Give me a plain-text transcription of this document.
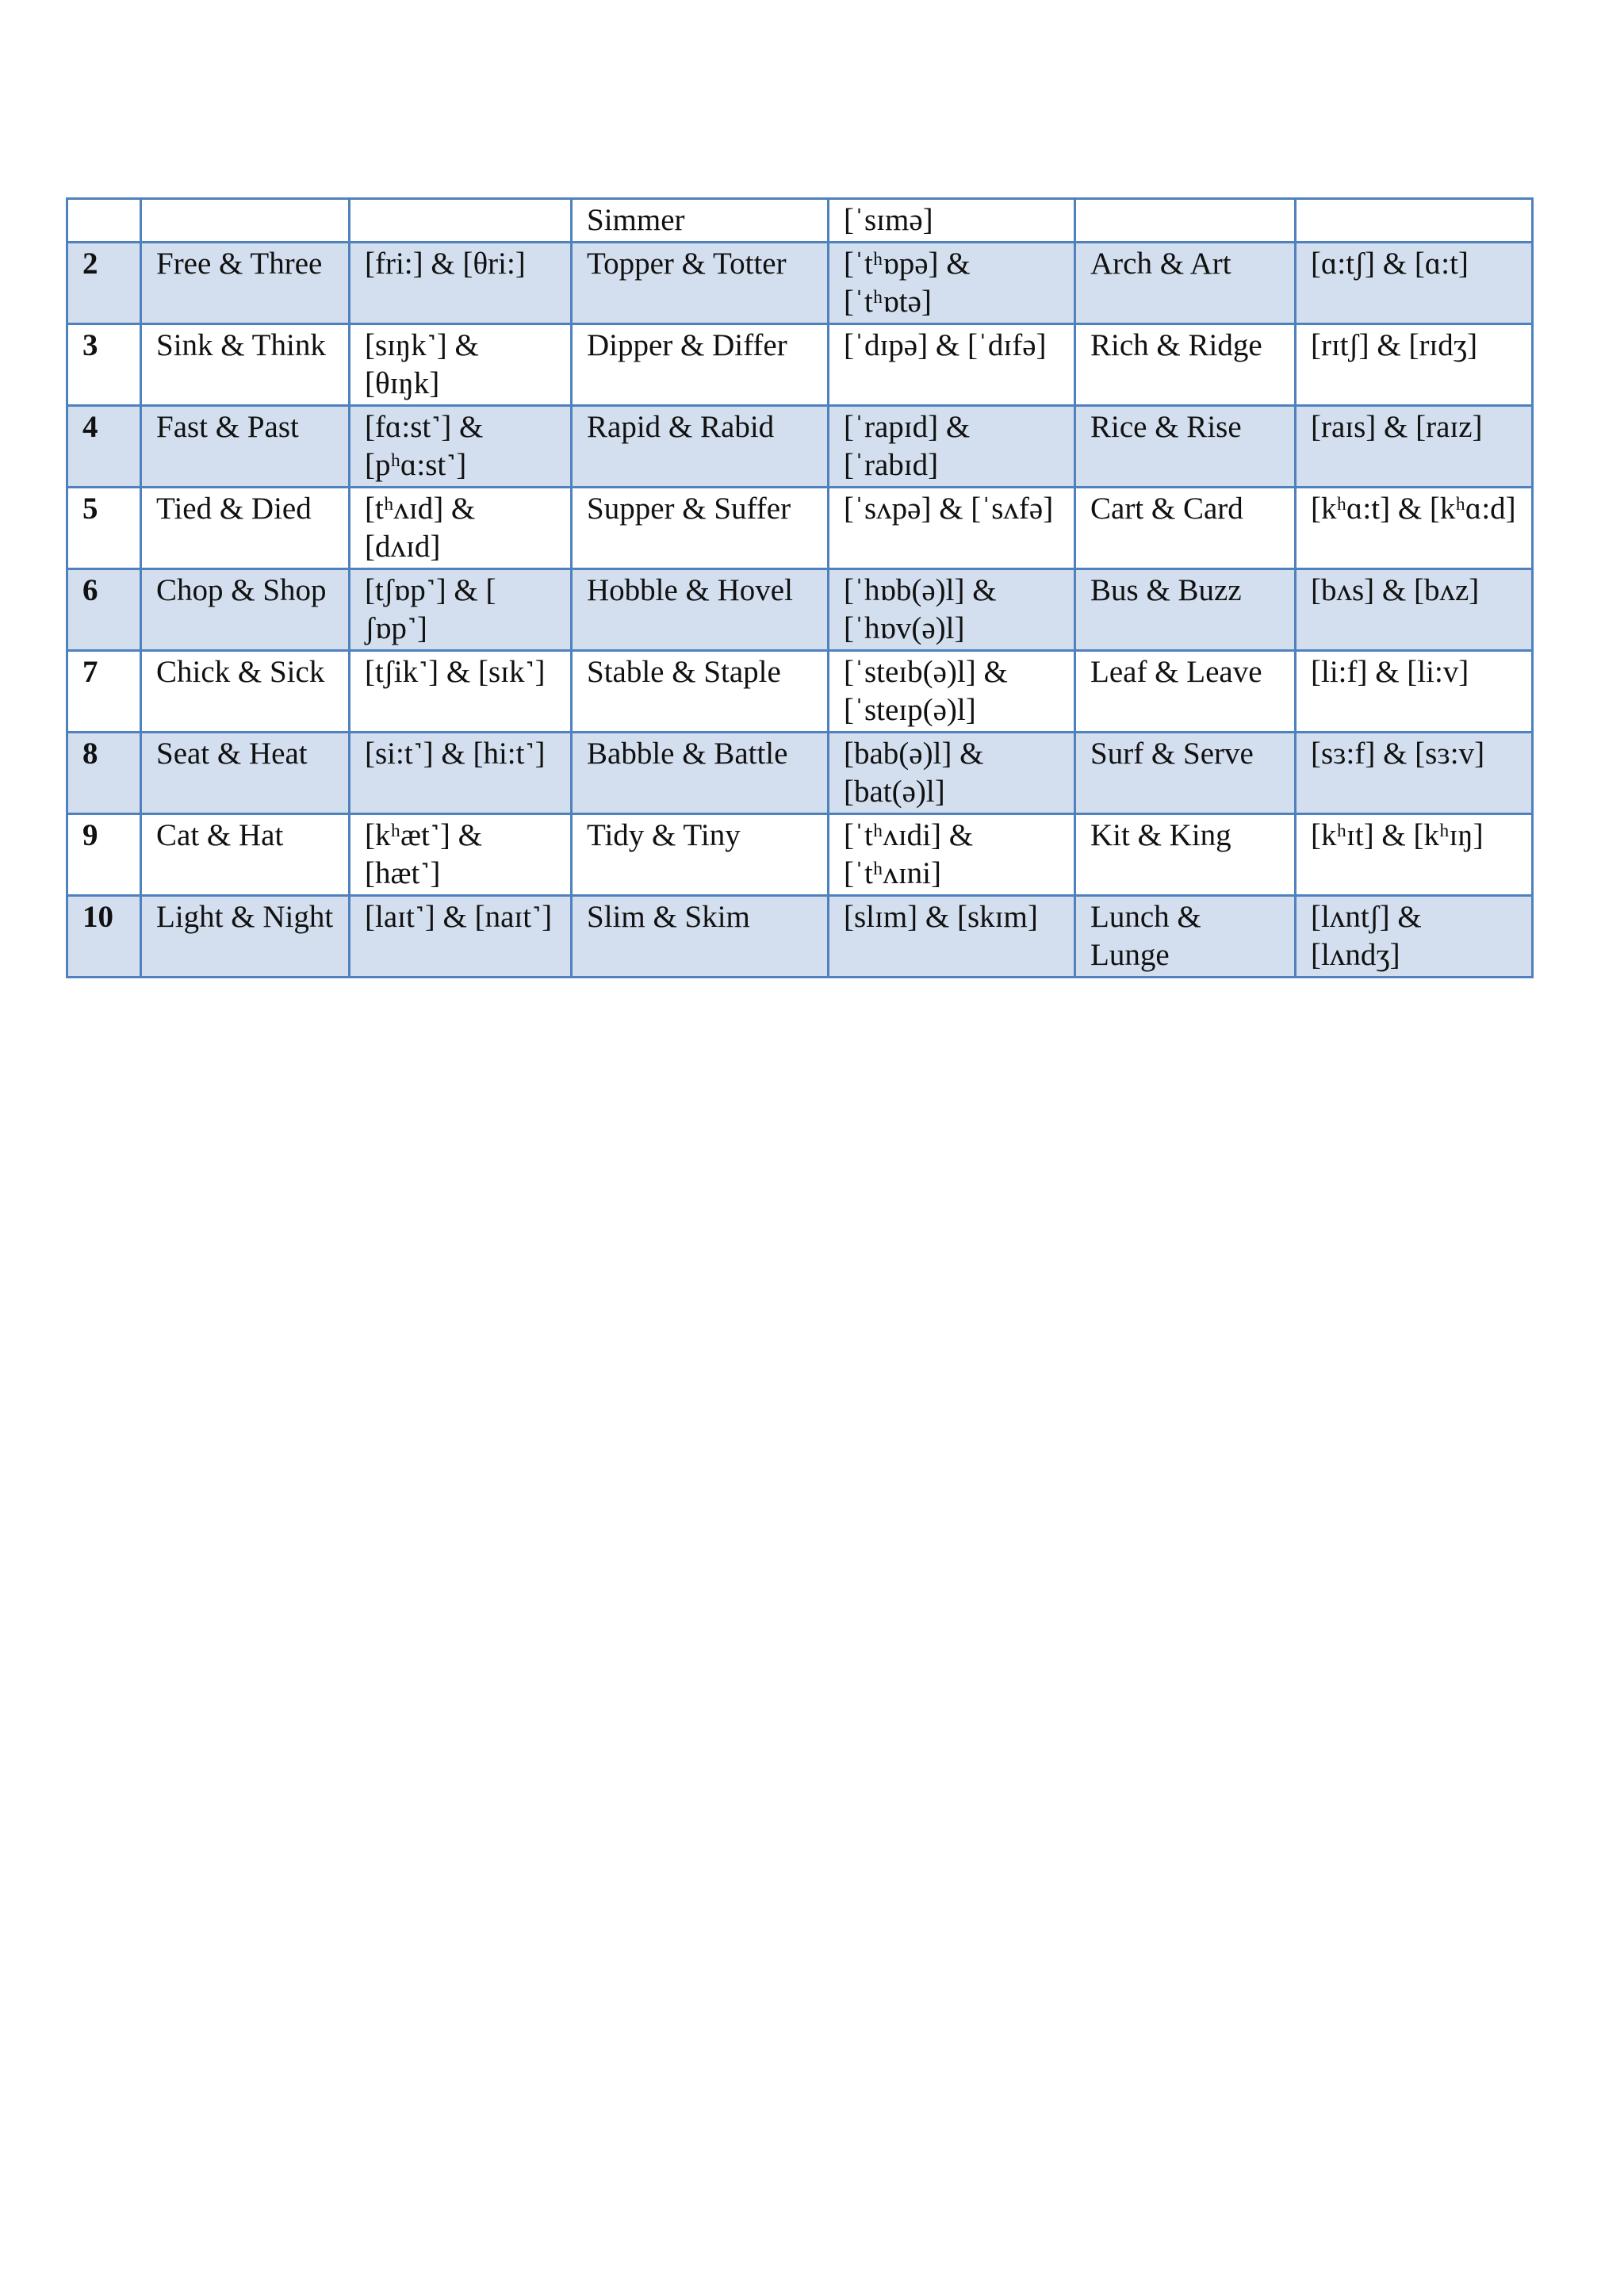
			Simmer	[ˈsɪmə]		
2	Free & Three	[fri:] & [θri:]	Topper & Totter	[ˈtʰɒpə] & [ˈtʰɒtə]	Arch & Art	[ɑ:tʃ] & [ɑ:t]
3	Sink & Think	[sɪŋk˺] & [θɪŋk]	Dipper & Differ	[ˈdɪpə] & [ˈdɪfə]	Rich & Ridge	[rɪtʃ] & [rɪdʒ]
4	Fast & Past	[fɑ:st˺] & [pʰɑ:st˺]	Rapid & Rabid	[ˈrapɪd] & [ˈrabɪd]	Rice & Rise	[raɪs] & [raɪz]
5	Tied & Died	[tʰʌɪd] & [dʌɪd]	Supper & Suffer	[ˈsʌpə] & [ˈsʌfə]	Cart & Card	[kʰɑ:t] & [kʰɑ:d]
6	Chop & Shop	[tʃɒp˺] & [ ʃɒp˺]	Hobble & Hovel	[ˈhɒb(ə)l] & [ˈhɒv(ə)l]	Bus & Buzz	[bʌs] & [bʌz]
7	Chick & Sick	[tʃik˺] & [sɪk˺]	Stable & Staple	[ˈsteɪb(ə)l] & [ˈsteɪp(ə)l]	Leaf & Leave	[li:f] & [li:v]
8	Seat & Heat	[si:t˺] & [hi:t˺]	Babble & Battle	[bab(ə)l] & [bat(ə)l]	Surf & Serve	[sɜ:f] & [sɜ:v]
9	Cat & Hat	[kʰæt˺] & [hæt˺]	Tidy & Tiny	[ˈtʰʌɪdi] &[ˈtʰʌɪni]	Kit & King	[kʰɪt] & [kʰɪŋ]
10	Light & Night	[laɪt˺] & [naɪt˺]	Slim & Skim	[slɪm] & [skɪm]	Lunch & Lunge	[lʌntʃ] & [lʌndʒ]
